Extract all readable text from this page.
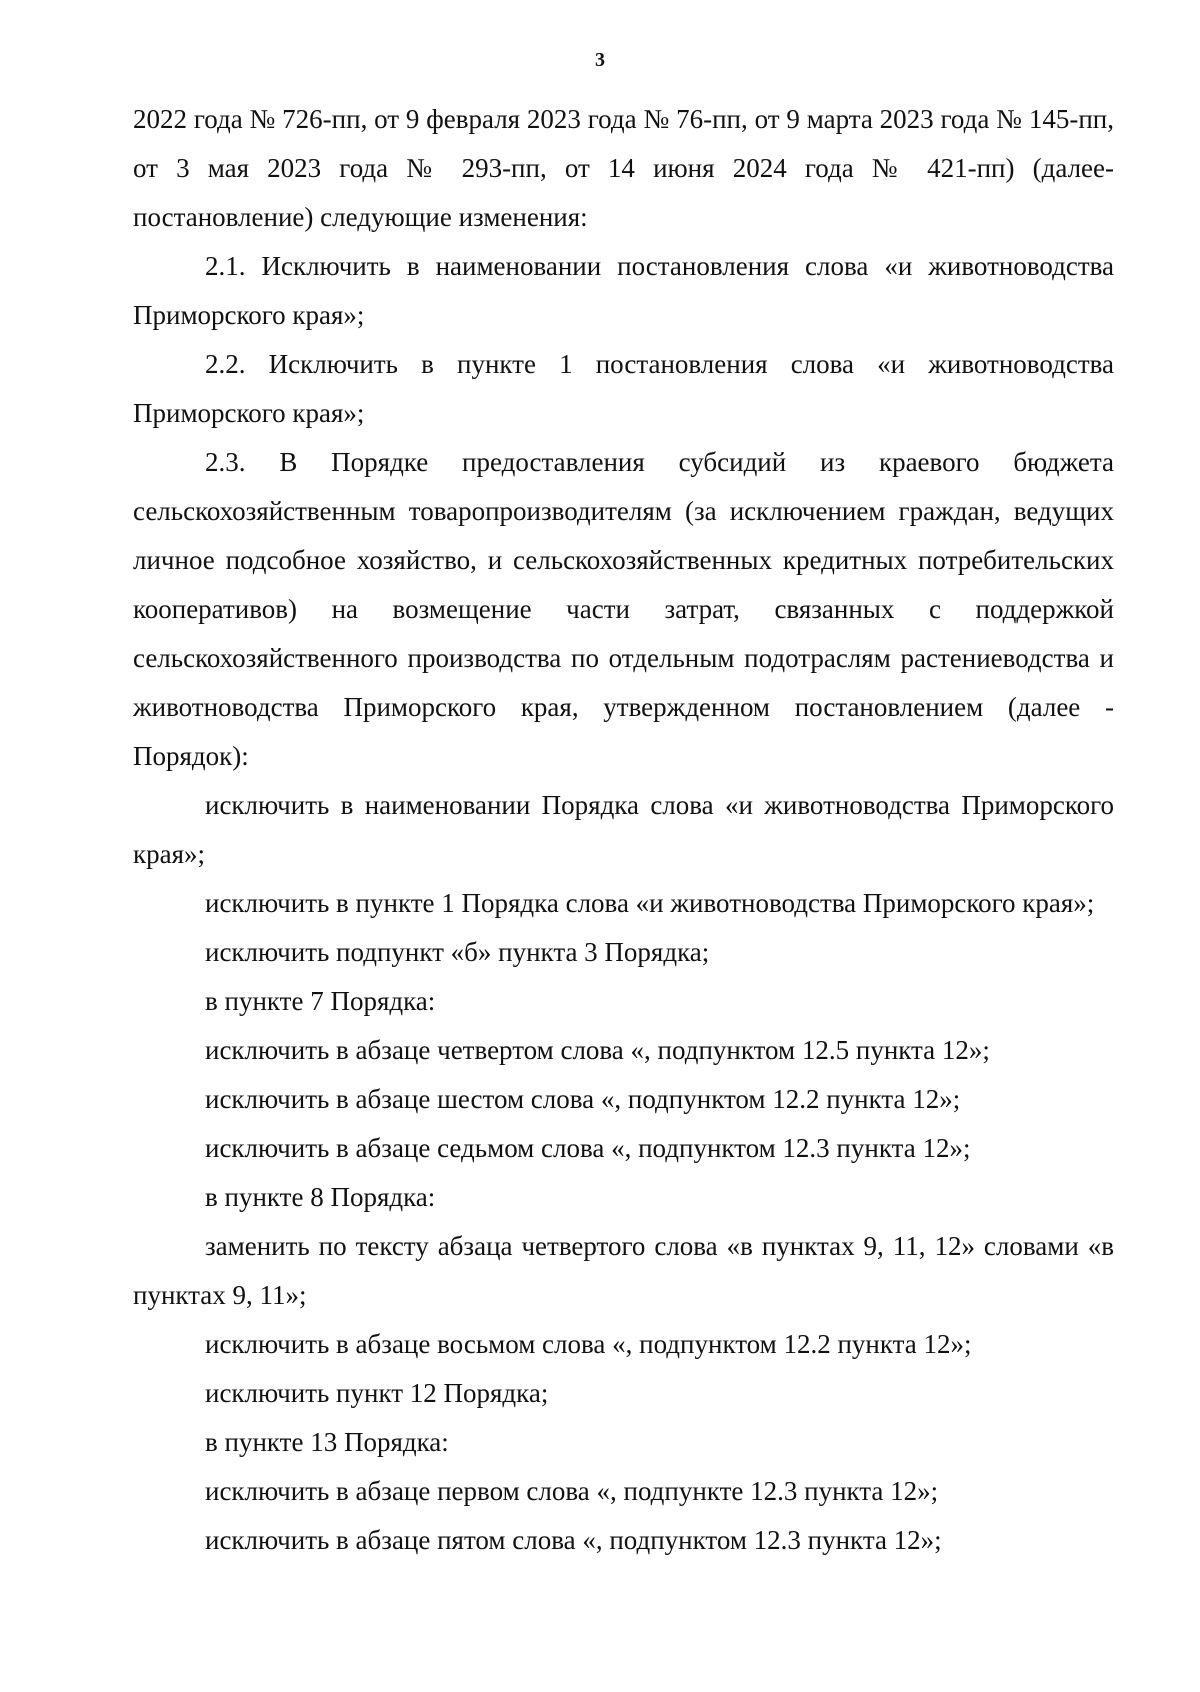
3

2022 года № 726-пп, от 9 февраля 2023 года № 76-пп, от 9 марта 2023 года № 145-пп, от 3 мая 2023 года № 293-пп, от 14 июня 2024 года № 421-пп) (далее- постановление) следующие изменения:

2.1. Исключить в наименовании постановления слова «и животноводства Приморского края»;

2.2. Исключить в пункте 1 постановления слова «и животноводства Приморского края»;

2.3. В Порядке предоставления субсидий из краевого бюджета сельскохозяйственным товаропроизводителям (за исключением граждан, ведущих личное подсобное хозяйство, и сельскохозяйственных кредитных потребительских кооперативов) на возмещение части затрат, связанных с поддержкой сельскохозяйственного производства по отдельным подотраслям растениеводства и животноводства Приморского края, утвержденном постановлением (далее - Порядок):

исключить в наименовании Порядка слова «и животноводства Приморского края»;

исключить в пункте 1 Порядка слова «и животноводства Приморского края»;

исключить подпункт «б» пункта 3 Порядка;

в пункте 7 Порядка:

исключить в абзаце четвертом слова «, подпунктом 12.5 пункта 12»;

исключить в абзаце шестом слова «, подпунктом 12.2 пункта 12»;

исключить в абзаце седьмом слова «, подпунктом 12.3 пункта 12»;

в пункте 8 Порядка:

заменить по тексту абзаца четвертого слова «в пунктах 9, 11, 12» словами «в пунктах 9, 11»;

исключить в абзаце восьмом слова «, подпунктом 12.2 пункта 12»;

исключить пункт 12 Порядка;

в пункте 13 Порядка:

исключить в абзаце первом слова «, подпункте 12.3 пункта 12»;

исключить в абзаце пятом слова «, подпунктом 12.3 пункта 12»;
